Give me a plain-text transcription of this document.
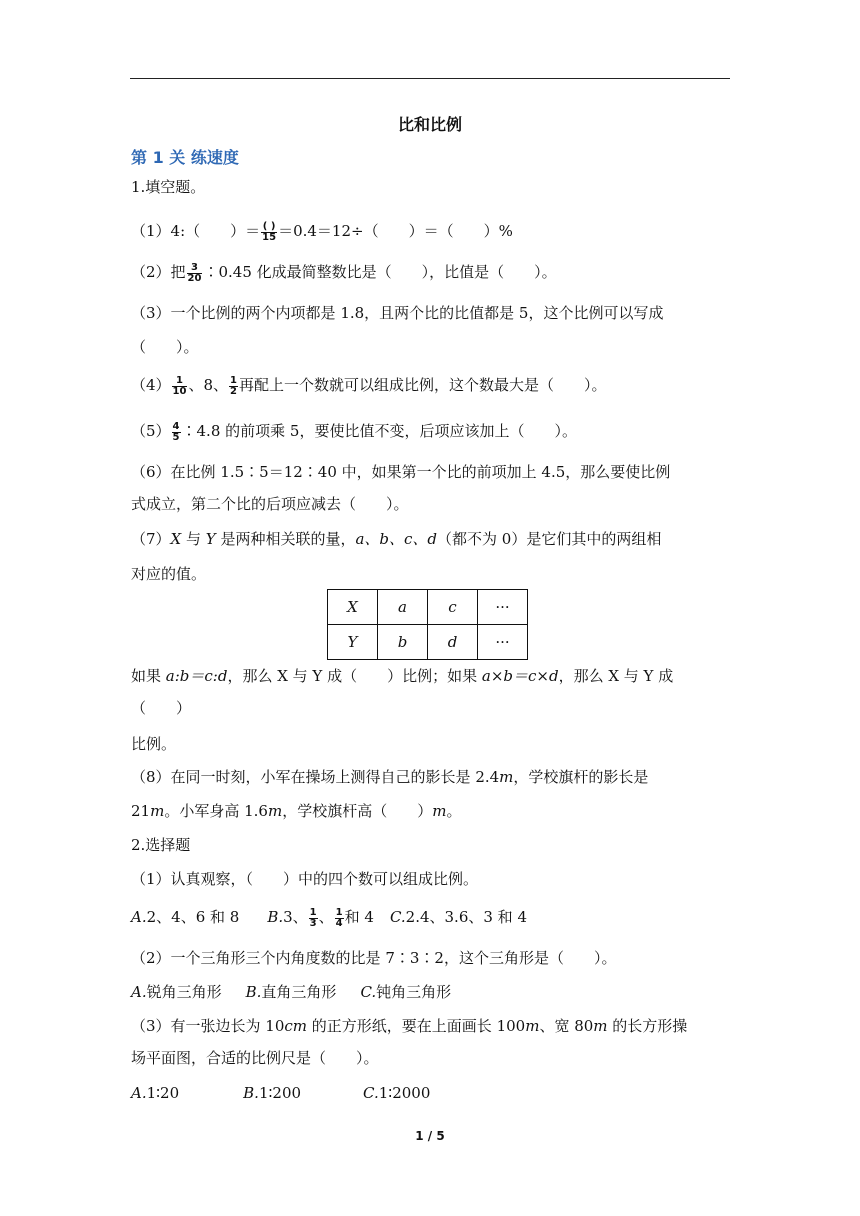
比和比例
第 1 关 练速度
1.填空题。
（1）4:（　　）＝ $\frac{( )}{15} =0.4=12\div$（　　）＝（　　）%
（2）把 $\frac{3}{20}$ ∶0.45 化成最简整数比是（　　），比值是（　　）。
（3）一个比例的两个内项都是 1.8，且两个比的比值都是 5，这个比例可以写成
（　　）。
$(4) \frac{1}{10}$ 、8、 $\frac{1}{2}$ 再配上一个数就可以组成比例，这个数最大是（　　）。
$(5) \frac{4}{5}$ ∶4.8 的前项乘 5，要使比值不变，后项应该加上（　　）。
（6）在比例 1.5∶5＝12∶40 中，如果第一个比的前项加上 4.5，那么要使比例
式成立，第二个比的后项应减去（　　）。
（7）X 与 Y 是两种相关联的量，a、b、c、d（都不为 0）是它们其中的两组相
对应的值。
X	a	c	···
Y	b	d	···
如果 a:b＝c:d，那么 X 与 Y 成（　　）比例；如果 a×b＝c×d，那么 X 与 Y 成
（　　）
比例。
（8）在同一时刻，小军在操场上测得自己的影长是 2.4m，学校旗杆的影长是
21m。小军身高 1.6m，学校旗杆高（　　）m。
2.选择题
（1）认真观察，（　　）中的四个数可以组成比例。
A.2、4、6 和 8 B.3、 $\frac{1}{3}$ 、 $\frac{1}{4}$ 和 4 C.2.4、3.6、3 和 4
（2）一个三角形三个内角度数的比是 7∶3∶2，这个三角形是（　　）。
A.锐角三角形 B.直角三角形 C.钝角三角形
（3）有一张边长为 10cm 的正方形纸，要在上面画长 100m、宽 80m 的长方形操
场平面图，合适的比例尺是（　　）。
A.1∶20	B.1∶200	C.1∶2000
1 / 5
